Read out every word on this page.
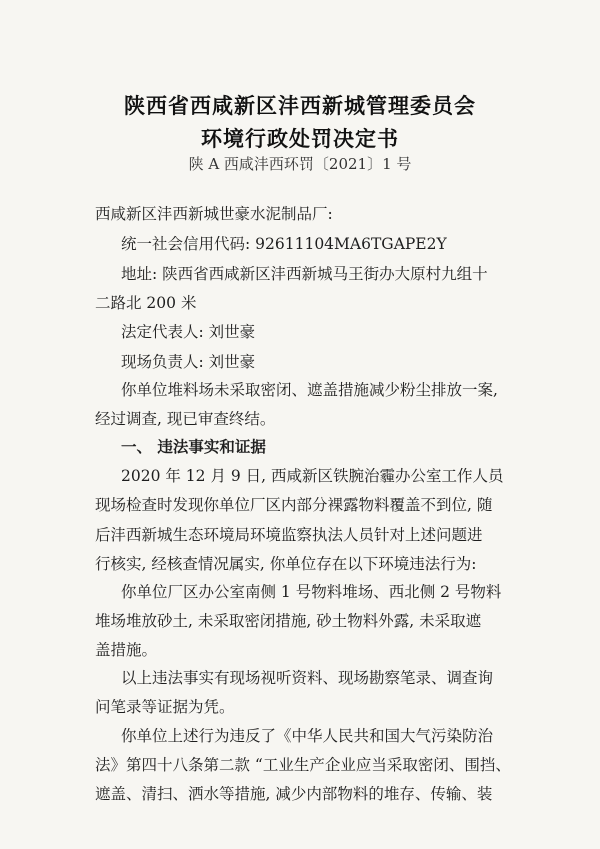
陕西省西咸新区沣西新城管理委员会
环境行政处罚决定书
陕 A 西咸沣西环罚〔2021〕1 号
西咸新区沣西新城世豪水泥制品厂:
统一社会信用代码: 92611104MA6TGAPE2Y
地址: 陕西省西咸新区沣西新城马王街办大原村九组十
二路北 200 米
法定代表人: 刘世豪
现场负责人: 刘世豪
你单位堆料场未采取密闭、遮盖措施减少粉尘排放一案,
经过调查, 现已审查终结。
一、 违法事实和证据
2020 年 12 月 9 日, 西咸新区铁腕治霾办公室工作人员
现场检查时发现你单位厂区内部分裸露物料覆盖不到位, 随
后沣西新城生态环境局环境监察执法人员针对上述问题进
行核实, 经核查情况属实, 你单位存在以下环境违法行为:
你单位厂区办公室南侧 1 号物料堆场、西北侧 2 号物料
堆场堆放砂土, 未采取密闭措施, 砂土物料外露, 未采取遮
盖措施。
以上违法事实有现场视听资料、现场勘察笔录、调查询
问笔录等证据为凭。
你单位上述行为违反了《中华人民共和国大气污染防治
法》第四十八条第二款 “工业生产企业应当采取密闭、围挡、
遮盖、清扫、洒水等措施, 减少内部物料的堆存、传输、装
